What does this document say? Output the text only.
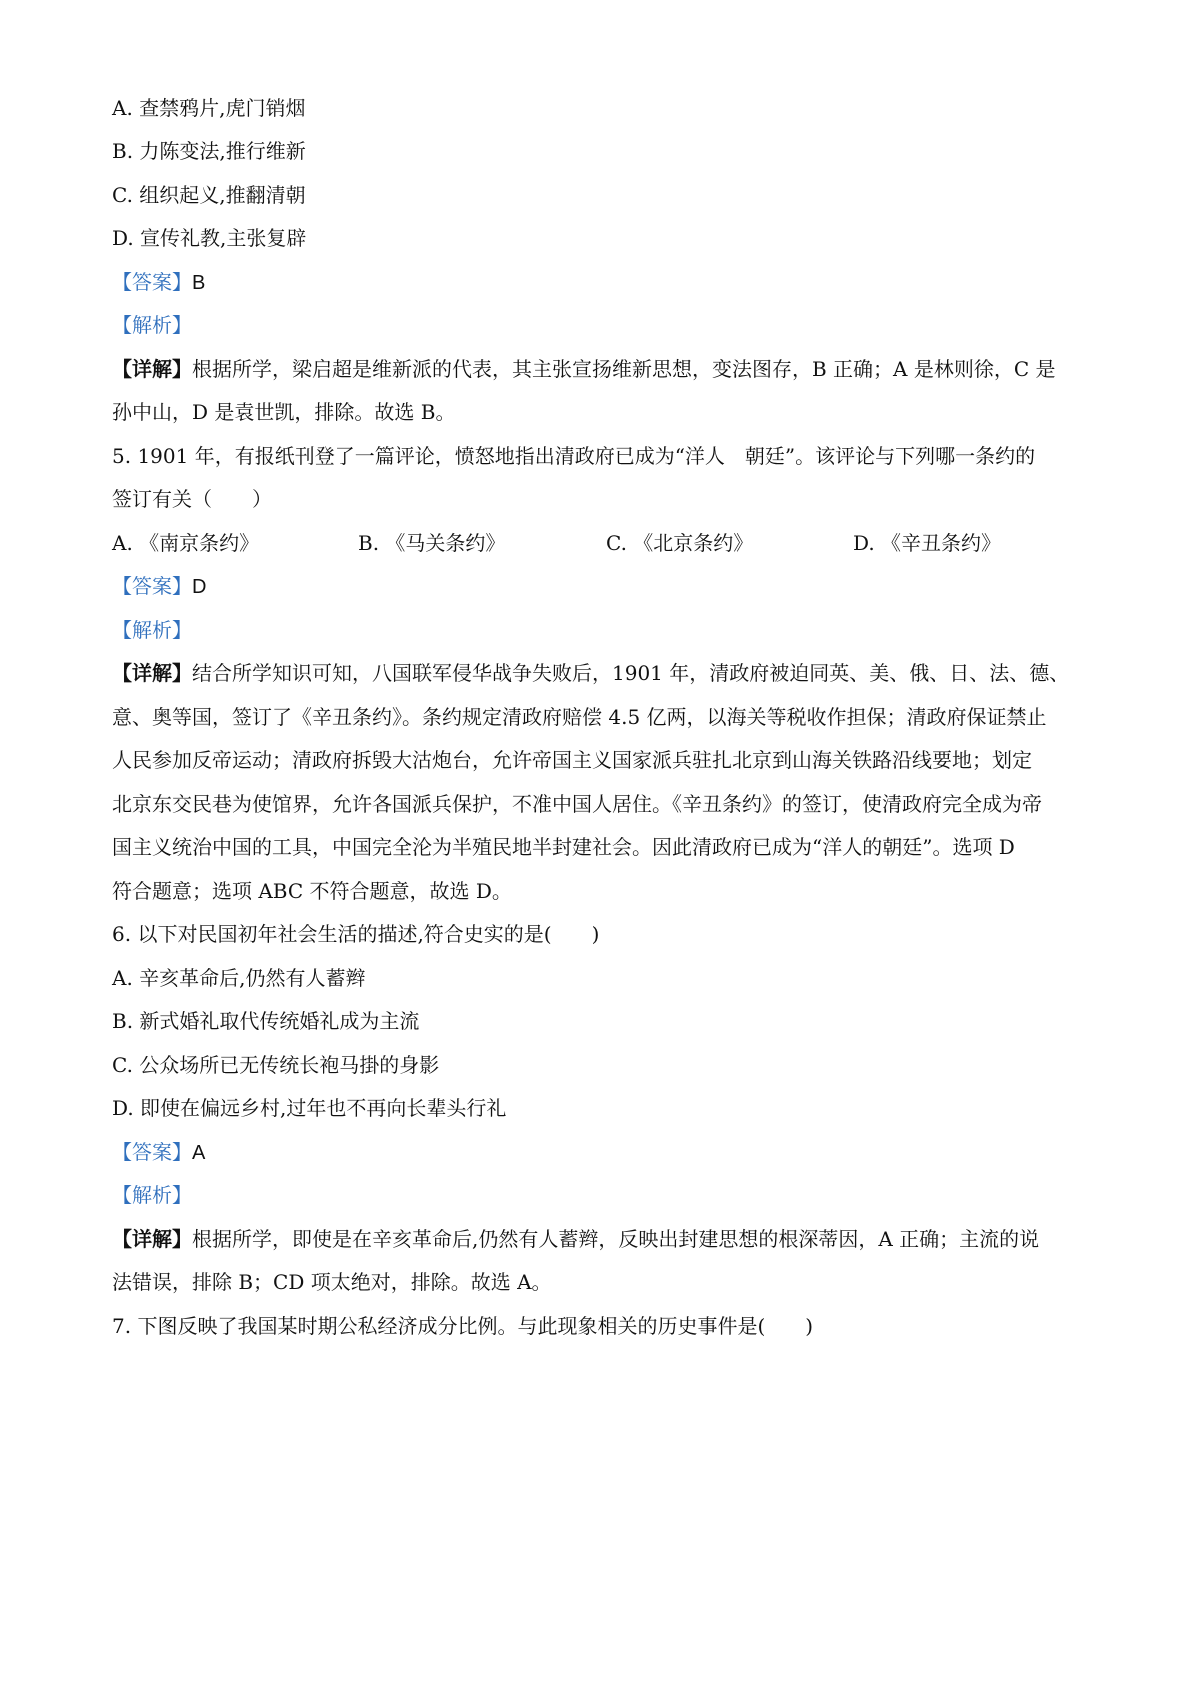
A. 查禁鸦片,虎门销烟
B. 力陈变法,推行维新
C. 组织起义,推翻清朝
D. 宣传礼教,主张复辟
【答案】B
【解析】
【详解】根据所学，梁启超是维新派的代表，其主张宣扬维新思想，变法图存，B 正确；A 是林则徐，C 是
孙中山，D 是袁世凯，排除。故选 B。
5. 1901 年，有报纸刊登了一篇评论，愤怒地指出清政府已成为“洋人　朝廷”。该评论与下列哪一条约的
签订有关（　　）
A. 《南京条约》	B. 《马关条约》	C. 《北京条约》	D. 《辛丑条约》
【答案】D
【解析】
【详解】结合所学知识可知，八国联军侵华战争失败后，1901 年，清政府被迫同英、美、俄、日、法、德、
意、奥等国，签订了《辛丑条约》。条约规定清政府赔偿 4.5 亿两，以海关等税收作担保；清政府保证禁止
人民参加反帝运动；清政府拆毁大沽炮台，允许帝国主义国家派兵驻扎北京到山海关铁路沿线要地；划定
北京东交民巷为使馆界，允许各国派兵保护，不准中国人居住。《辛丑条约》的签订，使清政府完全成为帝
国主义统治中国的工具，中国完全沦为半殖民地半封建社会。因此清政府已成为“洋人的朝廷”。选项 D
符合题意；选项 ABC 不符合题意，故选 D。
6. 以下对民国初年社会生活的描述,符合史实的是(　　)
A. 辛亥革命后,仍然有人蓄辫
B. 新式婚礼取代传统婚礼成为主流
C. 公众场所已无传统长袍马掛的身影
D. 即使在偏远乡村,过年也不再向长辈头行礼
【答案】A
【解析】
【详解】根据所学，即使是在辛亥革命后,仍然有人蓄辫，反映出封建思想的根深蒂因，A 正确；主流的说
法错误，排除 B；CD 项太绝对，排除。故选 A。
7. 下图反映了我国某时期公私经济成分比例。与此现象相关的历史事件是(　　)
